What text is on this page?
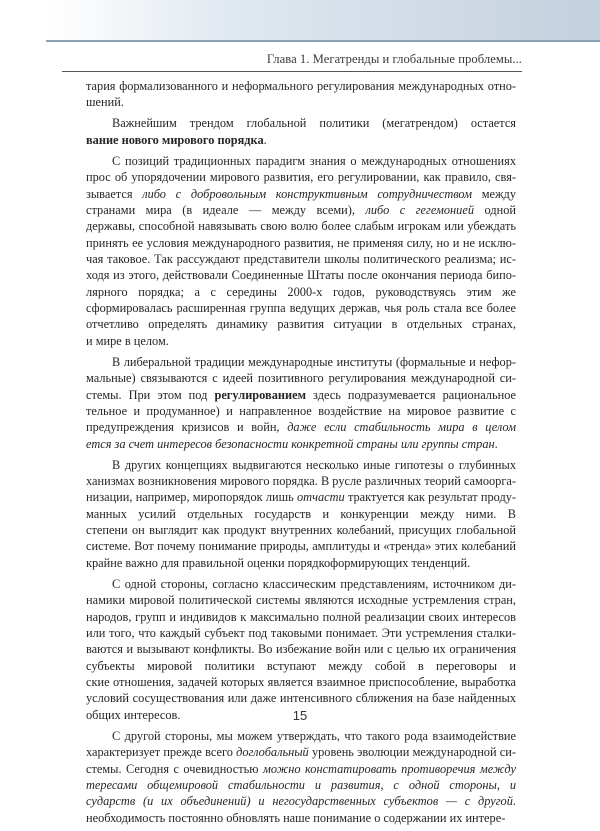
Глава 1. Мегатренды и глобальные проблемы...
тария формализованного и неформального регулирования международных отно-
шений.
Важнейшим трендом глобальной политики (мегатрендом) остается
вание нового мирового порядка.
С позиций традиционных парадигм знания о международных отношениях
прос об упорядочении мирового развития, его регулировании, как правило, свя-
зывается либо с добровольным конструктивным сотрудничеством между
странами мира (в идеале — между всеми), либо с гегемонией одной
державы, способной навязывать свою волю более слабым игрокам или убеждать
принять ее условия международного развития, не применяя силу, но и не исклю-
чая таковое. Так рассуждают представители школы политического реализма; ис-
ходя из этого, действовали Соединенные Штаты после окончания периода бипо-
лярного порядка; а с середины 2000-х годов, руководствуясь этим же
сформировалась расширенная группа ведущих держав, чья роль стала все более
отчетливо определять динамику развития ситуации в отдельных странах,
и мире в целом.
В либеральной традиции международные институты (формальные и нефор-
мальные) связываются с идеей позитивного регулирования международной си-
стемы. При этом под регулированием здесь подразумевается рациональное
тельное и продуманное) и направленное воздействие на мировое развитие с
предупреждения кризисов и войн, даже если стабильность мира в целом
ется за счет интересов безопасности конкретной страны или группы стран.
В других концепциях выдвигаются несколько иные гипотезы о глубинных
ханизмах возникновения мирового порядка. В русле различных теорий самоорга-
низации, например, миропорядок лишь отчасти трактуется как результат проду-
манных усилий отдельных государств и конкуренции между ними. В
степени он выглядит как продукт внутренних колебаний, присущих глобальной
системе. Вот почему понимание природы, амплитуды и «тренда» этих колебаний
крайне важно для правильной оценки порядкоформирующих тенденций.
С одной стороны, согласно классическим представлениям, источником ди-
намики мировой политической системы являются исходные устремления стран,
народов, групп и индивидов к максимально полной реализации своих интересов
или того, что каждый субъект под таковыми понимает. Эти устремления сталки-
ваются и вызывают конфликты. Во избежание войн или с целью их ограничения
субъекты мировой политики вступают между собой в переговоры и
ские отношения, задачей которых является взаимное приспособление, выработка
условий сосуществования или даже интенсивного сближения на базе найденных
общих интересов.
С другой стороны, мы можем утверждать, что такого рода взаимодействие
характеризует прежде всего доглобальный уровень эволюции международной си-
стемы. Сегодня с очевидностью можно констатировать противоречия между
тересами общемировой стабильности и развития, с одной стороны, и
сударств (и их объединений) и негосударственных субъектов — с другой.
необходимость постоянно обновлять наше понимание о содержании их интере-
15
